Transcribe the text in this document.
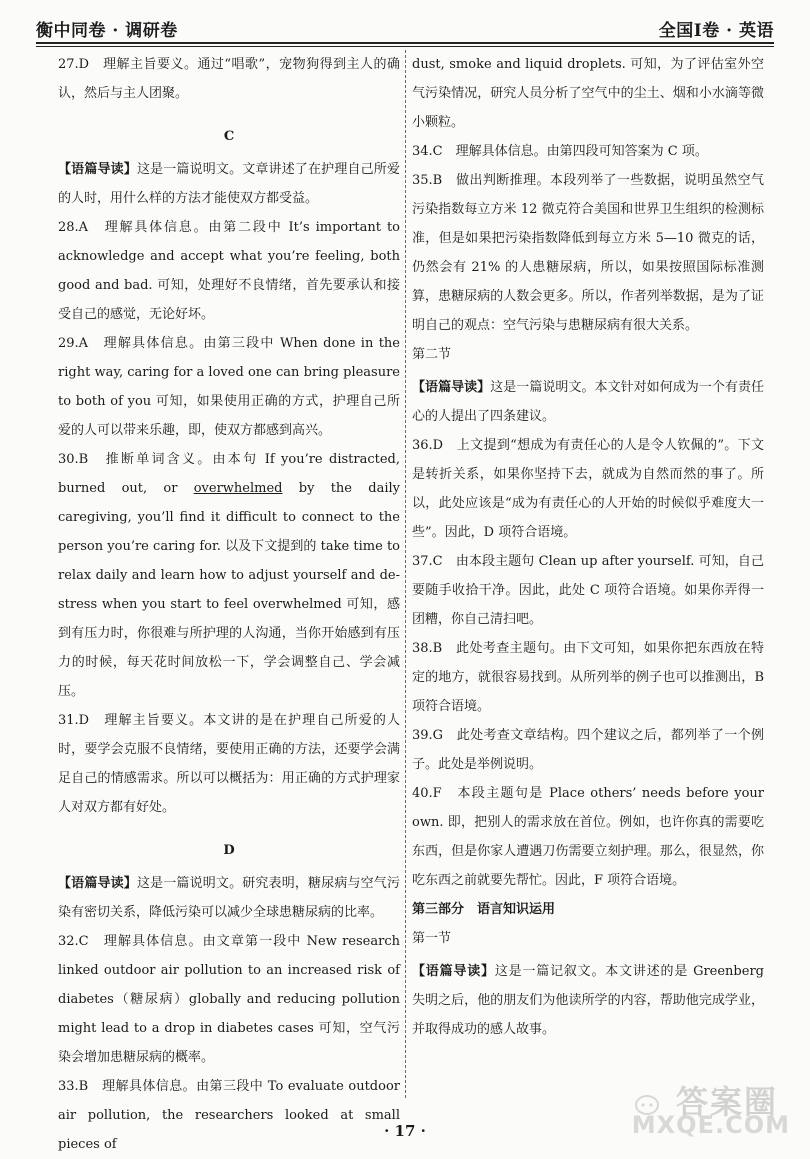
衡中同卷 · 调研卷	全国Ⅰ卷 · 英语

27.D　理解主旨要义。通过“唱歌”，宠物狗得到主人的确认，然后与主人团聚。

C

【语篇导读】这是一篇说明文。文章讲述了在护理自己所爱的人时，用什么样的方法才能使双方都受益。

28.A　理解具体信息。由第二段中 It’s important to acknowledge and accept what you’re feeling, both good and bad. 可知，处理好不良情绪，首先要承认和接受自己的感觉，无论好坏。

29.A　理解具体信息。由第三段中 When done in the right way, caring for a loved one can bring pleasure to both of you 可知，如果使用正确的方式，护理自己所爱的人可以带来乐趣，即，使双方都感到高兴。

30.B　推断单词含义。由本句 If you’re distracted, burned out, or overwhelmed by the daily caregiving, you’ll find it difficult to connect to the person you’re caring for. 以及下文提到的 take time to relax daily and learn how to adjust yourself and de-stress when you start to feel overwhelmed 可知，感到有压力时，你很难与所护理的人沟通，当你开始感到有压力的时候，每天花时间放松一下，学会调整自己、学会减压。

31.D　理解主旨要义。本文讲的是在护理自己所爱的人时，要学会克服不良情绪，要使用正确的方法，还要学会满足自己的情感需求。所以可以概括为：用正确的方式护理家人对双方都有好处。

D

【语篇导读】这是一篇说明文。研究表明，糖尿病与空气污染有密切关系，降低污染可以减少全球患糖尿病的比率。

32.C　理解具体信息。由文章第一段中 New research linked outdoor air pollution to an increased risk of diabetes（糖尿病）globally and reducing pollution might lead to a drop in diabetes cases 可知，空气污染会增加患糖尿病的概率。

33.B　理解具体信息。由第三段中 To evaluate outdoor air pollution, the researchers looked at small pieces of

dust, smoke and liquid droplets. 可知，为了评估室外空气污染情况，研究人员分析了空气中的尘土、烟和小水滴等微小颗粒。

34.C　理解具体信息。由第四段可知答案为 C 项。

35.B　做出判断推理。本段列举了一些数据，说明虽然空气污染指数每立方米 12 微克符合美国和世界卫生组织的检测标准，但是如果把污染指数降低到每立方米 5—10 微克的话，仍然会有 21% 的人患糖尿病，所以，如果按照国际标准测算，患糖尿病的人数会更多。所以，作者列举数据，是为了证明自己的观点：空气污染与患糖尿病有很大关系。

第二节

【语篇导读】这是一篇说明文。本文针对如何成为一个有责任心的人提出了四条建议。

36.D　上文提到“想成为有责任心的人是令人钦佩的”。下文是转折关系，如果你坚持下去，就成为自然而然的事了。所以，此处应该是“成为有责任心的人开始的时候似乎难度大一些”。因此，D 项符合语境。

37.C　由本段主题句 Clean up after yourself. 可知，自己要随手收拾干净。因此，此处 C 项符合语境。如果你弄得一团糟，你自己清扫吧。

38.B　此处考查主题句。由下文可知，如果你把东西放在特定的地方，就很容易找到。从所列举的例子也可以推测出，B 项符合语境。

39.G　此处考查文章结构。四个建议之后，都列举了一个例子。此处是举例说明。

40.F　本段主题句是 Place others’ needs before your own. 即，把别人的需求放在首位。例如，也许你真的需要吃东西，但是你家人遭遇刀伤需要立刻护理。那么，很显然，你吃东西之前就要先帮忙。因此，F 项符合语境。

第三部分　语言知识运用

第一节

【语篇导读】这是一篇记叙文。本文讲述的是 Greenberg 失明之后，他的朋友们为他读所学的内容，帮助他完成学业，并取得成功的感人故事。

· 17 ·
答案圈
MXQE.COM
